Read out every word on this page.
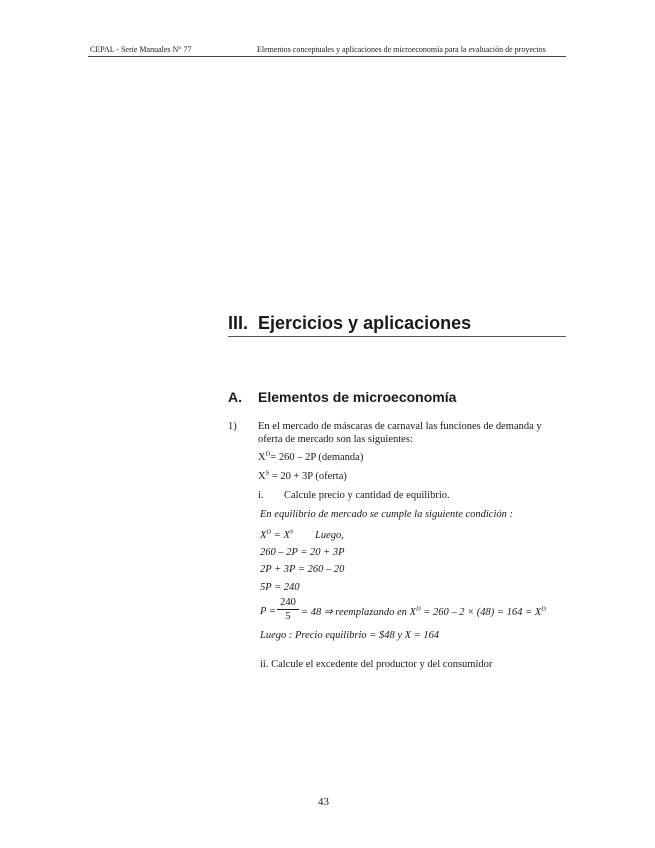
CEPAL - Serie Manuales N° 77	Elementos conceptuales y aplicaciones de microeconomía para la evaluación de proyectos
III. Ejercicios y aplicaciones
A. Elementos de microeconomía
1) En el mercado de máscaras de carnaval las funciones de demanda y
oferta de mercado son las siguientes:
$X^D= 260 - 2P$ (demanda)
$X^S = 20 + 3P$ (oferta)
i. Calcule precio y cantidad de equilibrio.
En equilibrio de mercado se cumple la siguiente condición :
$X^D = X^S$ Luego,
260 – 2P = 20 + 3P
2P + 3P = 260 – 20
5P = 240
P =
240
5 = 48 ⇒ reemplazando en $X^D = 260 - 2 \times (48) = 164 = X^D$
Luego : Precio equilibrio = $48 y X = 164
ii. Calcule el excedente del productor y del consumidor
43
